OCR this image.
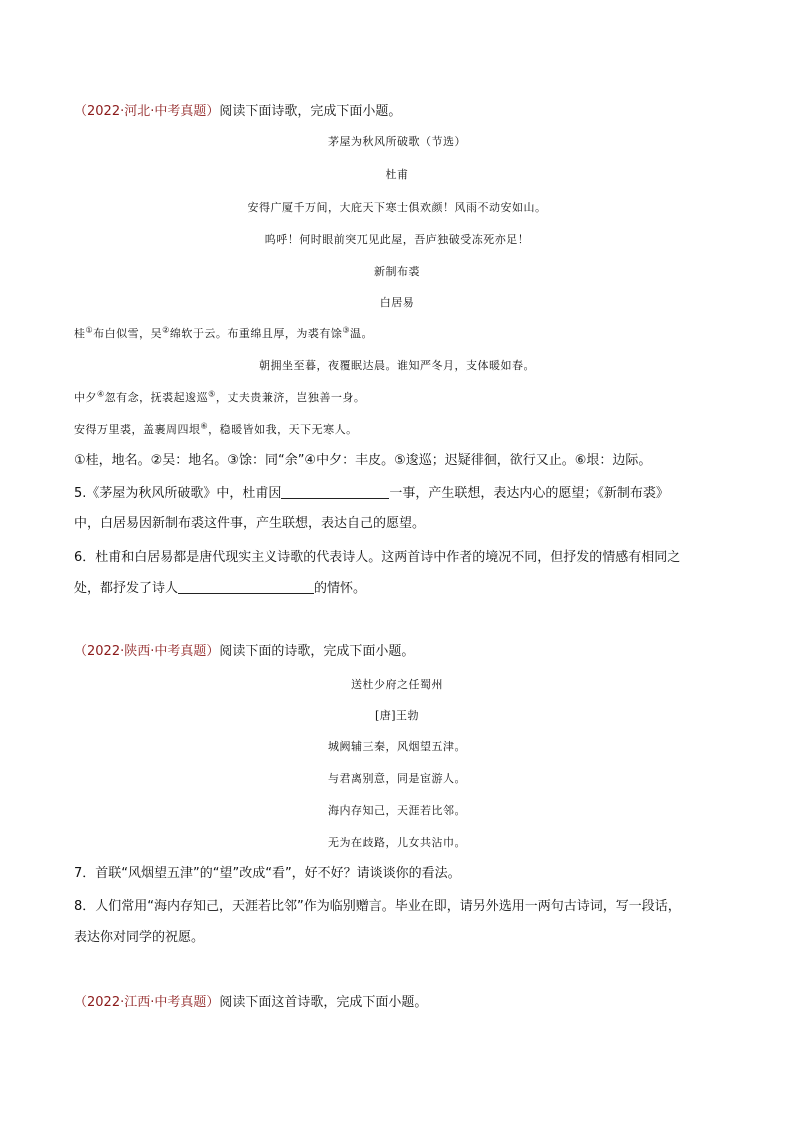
（2022·河北·中考真题）阅读下面诗歌，完成下面小题。
茅屋为秋风所破歌（节选）
杜甫
安得广厦千万间，大庇天下寒士俱欢颜！风雨不动安如山。
呜呼！何时眼前突兀见此屋，吾庐独破受冻死亦足！
新制布裘
白居易
桂①布白似雪，吴②绵软于云。布重绵且厚，为裘有馀③温。
朝拥坐至暮，夜覆眠达晨。谁知严冬月，支体暖如春。
中夕④忽有念，抚裘起逡巡⑤，丈夫贵兼济，岂独善一身。
安得万里裘，盖裹周四垠⑥，稳暖皆如我，天下无寒人。
①桂，地名。②吴：地名。③馀：同“余”④中夕：丰皮。⑤逡巡；迟疑徘徊，欲行又止。⑥垠：边际。
5.《茅屋为秋风所破歌》中，杜甫因	一事，产生联想，表达内心的愿望；《新制布裘》
中，白居易因新制布裘这件事，产生联想，表达自己的愿望。
6．杜甫和白居易都是唐代现实主义诗歌的代表诗人。这两首诗中作者的境况不同，但抒发的情感有相同之
处，都抒发了诗人	的情怀。
（2022·陕西·中考真题）阅读下面的诗歌，完成下面小题。
送杜少府之任蜀州
[唐]王勃
城阙辅三秦，风烟望五津。
与君离别意，同是宦游人。
海内存知己，天涯若比邻。
无为在歧路，儿女共沾巾。
7．首联“风烟望五津”的“望”改成“看”，好不好？请谈谈你的看法。
8．人们常用“海内存知己，天涯若比邻”作为临别赠言。毕业在即，请另外选用一两句古诗词，写一段话，
表达你对同学的祝愿。
（2022·江西·中考真题）阅读下面这首诗歌，完成下面小题。
